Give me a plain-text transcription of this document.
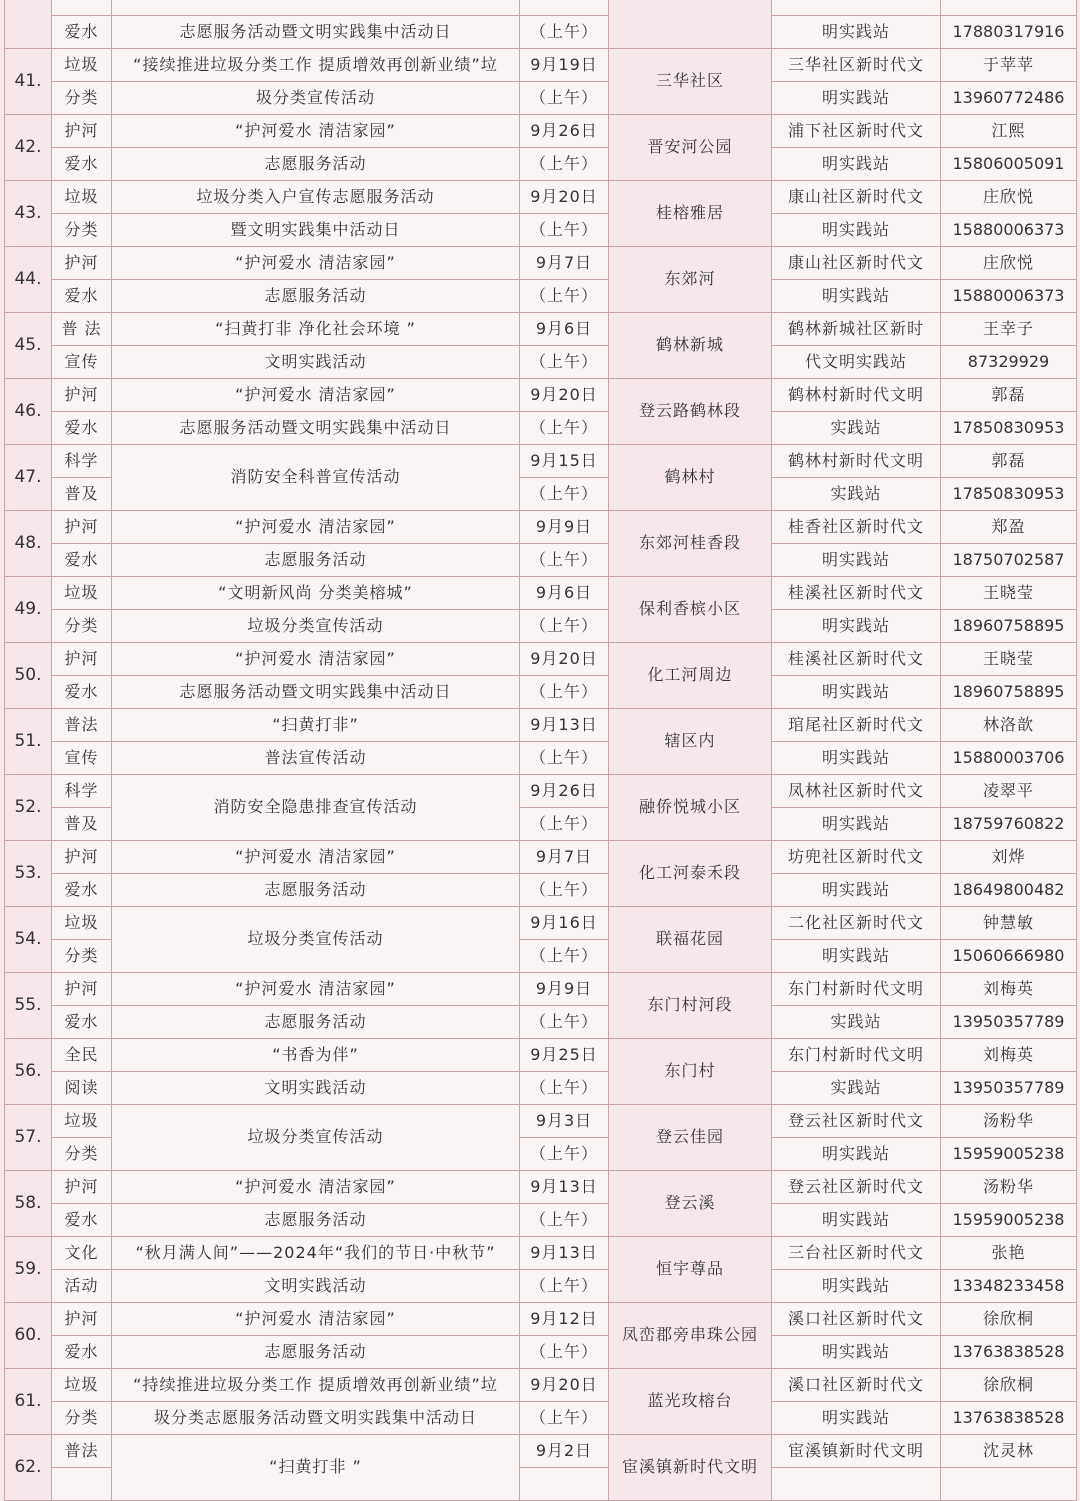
	爱水	志愿服务活动暨文明实践集中活动日	（上午）		明实践站	17880317916
41.	垃圾	“接续推进垃圾分类工作 提质增效再创新业绩”垃	9月19日	三华社区	三华社区新时代文	于苹苹
	分类	圾分类宣传活动	（上午）		明实践站	13960772486
42.	护河	“护河爱水 清洁家园”	9月26日	晋安河公园	浦下社区新时代文	江熙
	爱水	志愿服务活动	（上午）		明实践站	15806005091
43.	垃圾	垃圾分类入户宣传志愿服务活动	9月20日	桂榕雅居	康山社区新时代文	庄欣悦
	分类	暨文明实践集中活动日	（上午）		明实践站	15880006373
44.	护河	“护河爱水 清洁家园”	9月7日	东郊河	康山社区新时代文	庄欣悦
	爱水	志愿服务活动	（上午）		明实践站	15880006373
45.	普 法	“扫黄打非 净化社会环境 ”	9月6日	鹤林新城	鹤林新城社区新时	王幸子
	宣传	文明实践活动	（上午）		代文明实践站	87329929
46.	护河	“护河爱水 清洁家园”	9月20日	登云路鹤林段	鹤林村新时代文明	郭磊
	爱水	志愿服务活动暨文明实践集中活动日	（上午）		实践站	17850830953
47.	科学	消防安全科普宣传活动	9月15日	鹤林村	鹤林村新时代文明	郭磊
	普及		（上午）		实践站	17850830953
48.	护河	“护河爱水 清洁家园”	9月9日	东郊河桂香段	桂香社区新时代文	郑盈
	爱水	志愿服务活动	（上午）		明实践站	18750702587
49.	垃圾	“文明新风尚 分类美榕城”	9月6日	保利香槟小区	桂溪社区新时代文	王晓莹
	分类	垃圾分类宣传活动	（上午）		明实践站	18960758895
50.	护河	“护河爱水 清洁家园”	9月20日	化工河周边	桂溪社区新时代文	王晓莹
	爱水	志愿服务活动暨文明实践集中活动日	（上午）		明实践站	18960758895
51.	普法	“扫黄打非”	9月13日	辖区内	琯尾社区新时代文	林洛歆
	宣传	普法宣传活动	（上午）		明实践站	15880003706
52.	科学	消防安全隐患排查宣传活动	9月26日	融侨悦城小区	凤林社区新时代文	凌翠平
	普及		（上午）		明实践站	18759760822
53.	护河	“护河爱水 清洁家园”	9月7日	化工河泰禾段	坊兜社区新时代文	刘烨
	爱水	志愿服务活动	（上午）		明实践站	18649800482
54.	垃圾	垃圾分类宣传活动	9月16日	联福花园	二化社区新时代文	钟慧敏
	分类		（上午）		明实践站	15060666980
55.	护河	“护河爱水 清洁家园”	9月9日	东门村河段	东门村新时代文明	刘梅英
	爱水	志愿服务活动	（上午）		实践站	13950357789
56.	全民	“书香为伴”	9月25日	东门村	东门村新时代文明	刘梅英
	阅读	文明实践活动	（上午）		实践站	13950357789
57.	垃圾	垃圾分类宣传活动	9月3日	登云佳园	登云社区新时代文	汤粉华
	分类		（上午）		明实践站	15959005238
58.	护河	“护河爱水 清洁家园”	9月13日	登云溪	登云社区新时代文	汤粉华
	爱水	志愿服务活动	（上午）		明实践站	15959005238
59.	文化	“秋月满人间”——2024年“我们的节日·中秋节”	9月13日	恒宇尊品	三台社区新时代文	张艳
	活动	文明实践活动	（上午）		明实践站	13348233458
60.	护河	“护河爱水 清洁家园”	9月12日	凤峦郡旁串珠公园	溪口社区新时代文	徐欣桐
	爱水	志愿服务活动	（上午）		明实践站	13763838528
61.	垃圾	“持续推进垃圾分类工作 提质增效再创新业绩”垃	9月20日	蓝光玫榕台	溪口社区新时代文	徐欣桐
	分类	圾分类志愿服务活动暨文明实践集中活动日	（上午）		明实践站	13763838528
62.	普法	“扫黄打非 ”	9月2日	宦溪镇新时代文明	宦溪镇新时代文明	沈灵林
